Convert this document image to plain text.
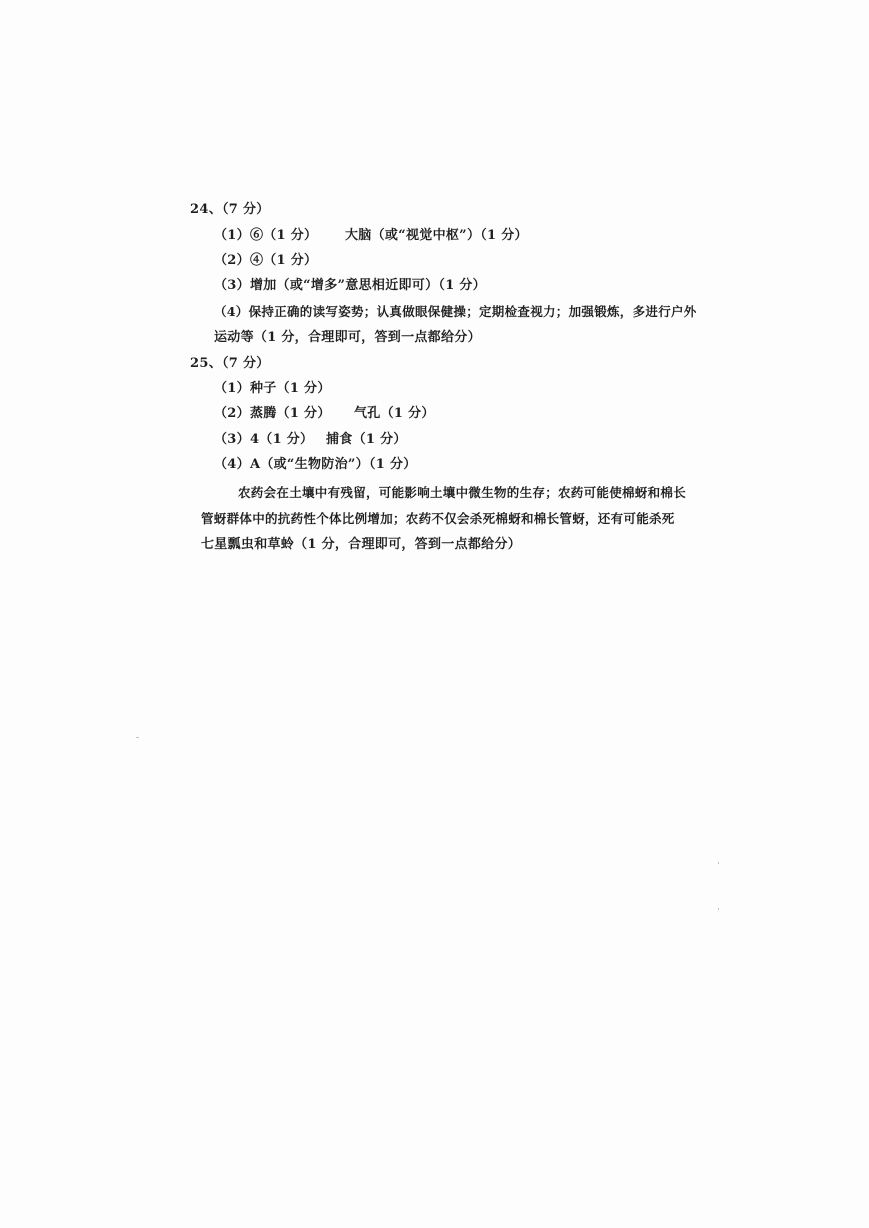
24、（7 分）
（1）⑥（1 分） 大脑（或“视觉中枢”）（1 分）
（2）④（1 分）
（3）增加（或“增多”意思相近即可）（1 分）
（4）保持正确的读写姿势；认真做眼保健操；定期检查视力；加强锻炼，多进行户外
运动等（1 分，合理即可，答到一点都给分）
25、（7 分）
（1）种子（1 分）
（2）蒸腾（1 分） 气孔（1 分）
（3）4（1 分） 捕食（1 分）
（4）A（或“生物防治”）（1 分）
农药会在土壤中有残留，可能影响土壤中微生物的生存；农药可能使棉蚜和棉长
管蚜群体中的抗药性个体比例增加；农药不仅会杀死棉蚜和棉长管蚜，还有可能杀死
七星瓢虫和草蛉（1 分，合理即可，答到一点都给分）
